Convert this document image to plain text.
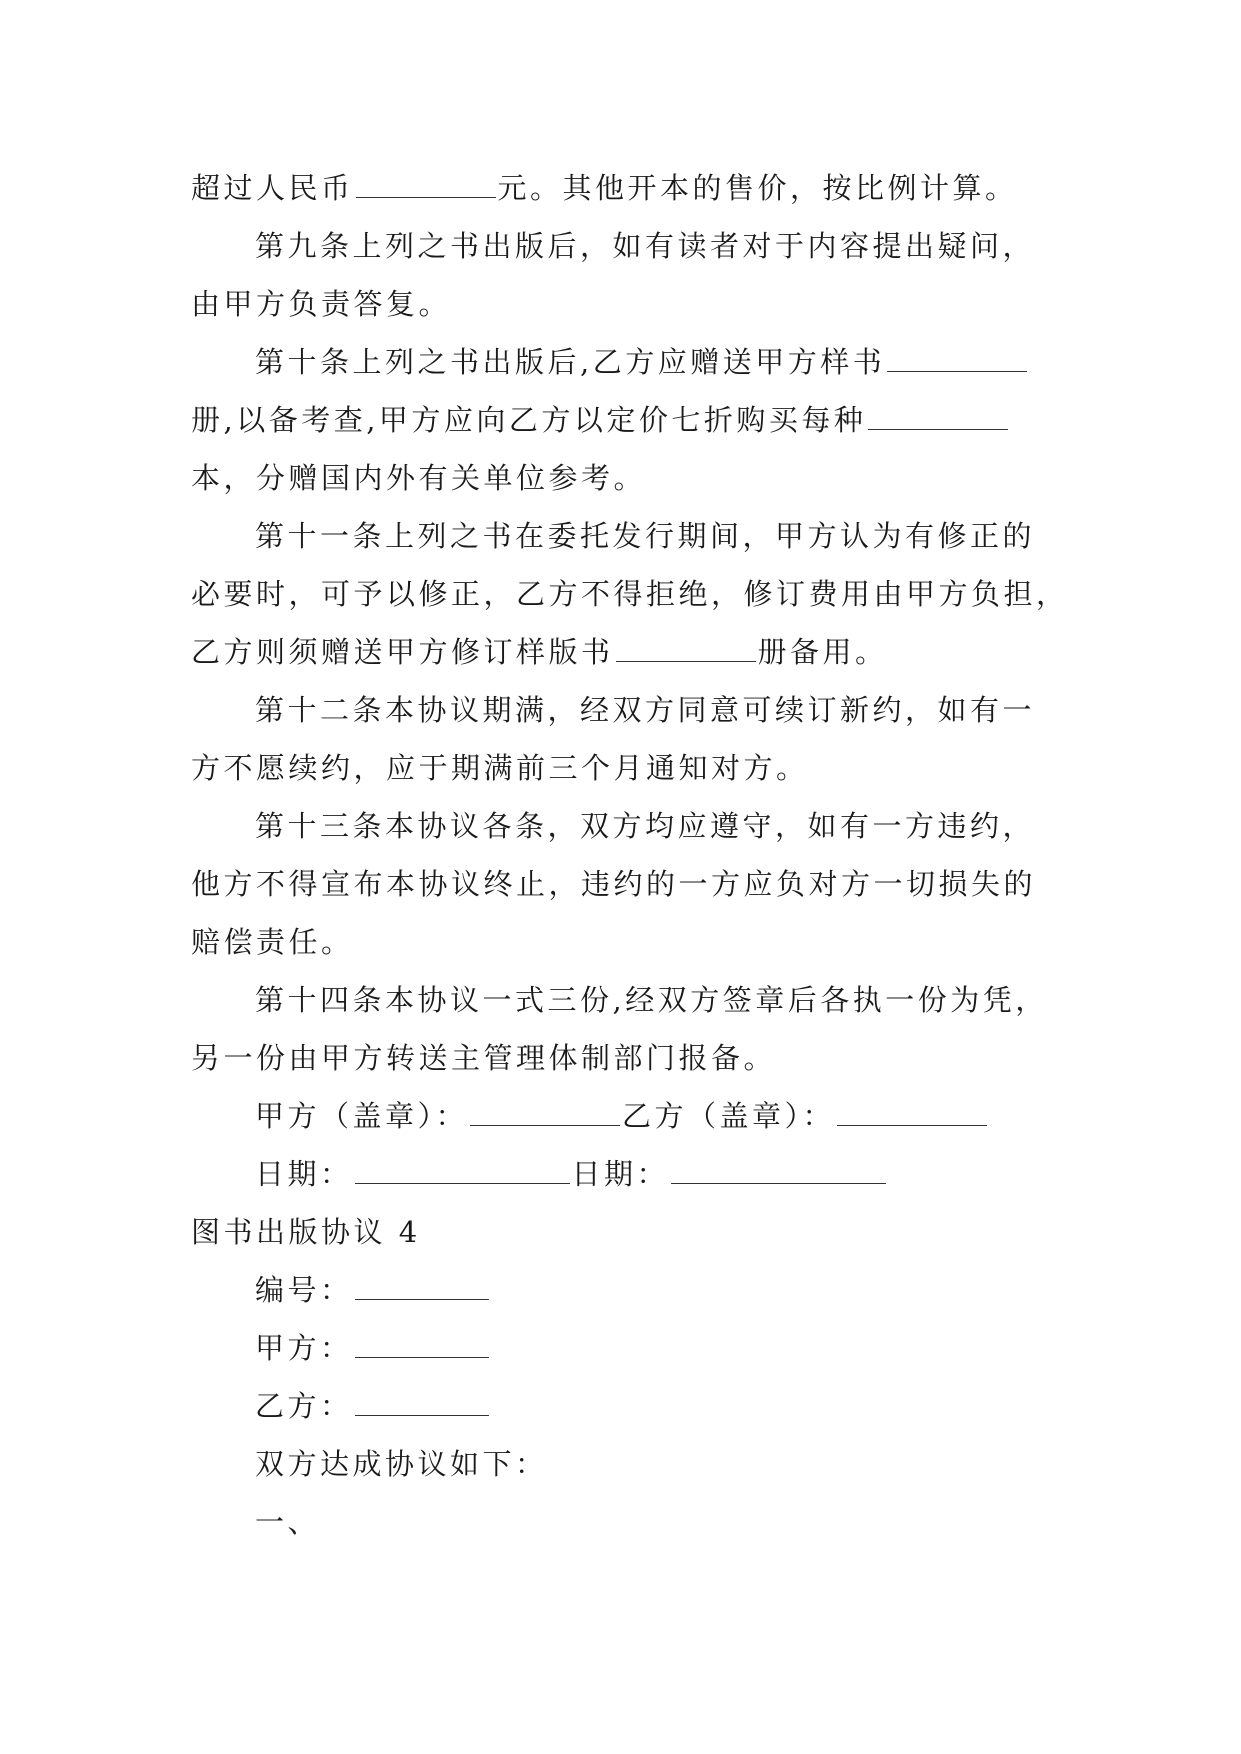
超过人民币	元。其他开本的售价，按比例计算。

第九条上列之书出版后，如有读者对于内容提出疑问，

由甲方负责答复。

第十条上列之书出版后,乙方应赠送甲方样书

册,以备考查,甲方应向乙方以定价七折购买每种

本，分赠国内外有关单位参考。

第十一条上列之书在委托发行期间，甲方认为有修正的

必要时，可予以修正，乙方不得拒绝，修订费用由甲方负担，

乙方则须赠送甲方修订样版书	册备用。

第十二条本协议期满，经双方同意可续订新约，如有一

方不愿续约，应于期满前三个月通知对方。

第十三条本协议各条，双方均应遵守，如有一方违约，

他方不得宣布本协议终止，违约的一方应负对方一切损失的

赔偿责任。

第十四条本协议一式三份,经双方签章后各执一份为凭，

另一份由甲方转送主管理体制部门报备。

甲方（盖章）：	乙方（盖章）：

日期：	日期：

图书出版协议 4

编号：

甲方：

乙方：

双方达成协议如下：

一、
